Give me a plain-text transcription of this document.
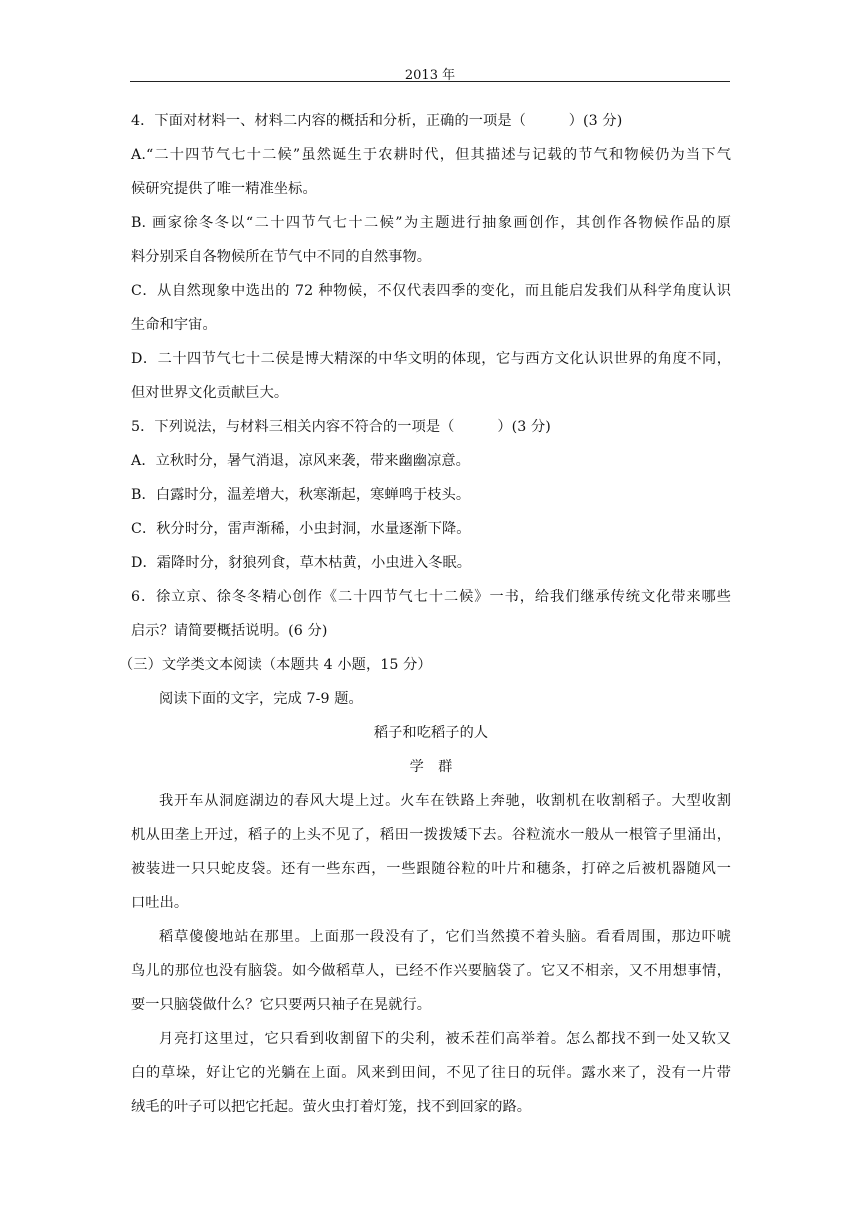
2013 年
4．下面对材料一、材料二内容的概括和分析，正确的一项是（　　　）(3 分)
A.“二十四节气七十二候”虽然诞生于农耕时代，但其描述与记载的节气和物候仍为当下气
候研究提供了唯一精准坐标。
B. 画家徐冬冬以“二十四节气七十二候”为主题进行抽象画创作，其创作各物候作品的原
料分别采自各物候所在节气中不同的自然事物。
C．从自然现象中选出的 72 种物候，不仅代表四季的变化，而且能启发我们从科学角度认识
生命和宇宙。
D．二十四节气七十二侯是博大精深的中华文明的体现，它与西方文化认识世界的角度不同，
但对世界文化贡献巨大。
5．下列说法，与材料三相关内容不符合的一项是（　　　）(3 分)
A．立秋时分，暑气消退，凉风来袭，带来幽幽凉意。
B．白露时分，温差增大，秋寒渐起，寒蝉鸣于枝头。
C．秋分时分，雷声渐稀，小虫封洞，水量逐渐下降。
D．霜降时分，豺狼列食，草木枯黄，小虫进入冬眠。
6．徐立京、徐冬冬精心创作《二十四节气七十二候》一书，给我们继承传统文化带来哪些
启示？请简要概括说明。(6 分)
（三）文学类文本阅读（本题共 4 小题，15 分）
阅读下面的文字，完成 7-9 题。
稻子和吃稻子的人
学　群
我开车从洞庭湖边的春风大堤上过。火车在铁路上奔驰，收割机在收割稻子。大型收割
机从田垄上开过，稻子的上头不见了，稻田一拨拨矮下去。谷粒流水一般从一根管子里涌出，
被装进一只只蛇皮袋。还有一些东西，一些跟随谷粒的叶片和穗条，打碎之后被机器随风一
口吐出。
稻草傻傻地站在那里。上面那一段没有了，它们当然摸不着头脑。看看周围，那边吓唬
鸟儿的那位也没有脑袋。如今做稻草人，已经不作兴要脑袋了。它又不相亲，又不用想事情，
要一只脑袋做什么？它只要两只袖子在晃就行。
月亮打这里过，它只看到收割留下的尖利，被禾茬们高举着。怎么都找不到一处又软又
白的草垛，好让它的光躺在上面。风来到田间，不见了往日的玩伴。露水来了，没有一片带
绒毛的叶子可以把它托起。萤火虫打着灯笼，找不到回家的路。
